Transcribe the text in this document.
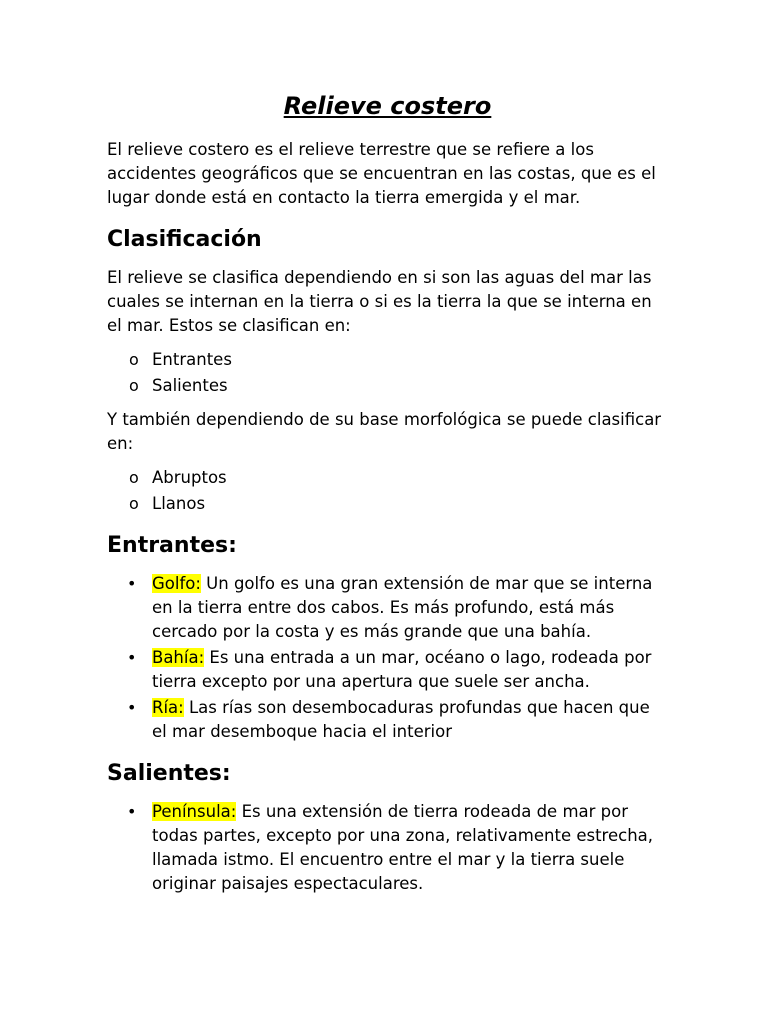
Relieve costero

El relieve costero es el relieve terrestre que se refiere a los accidentes geográficos que se encuentran en las costas, que es el lugar donde está en contacto la tierra emergida y el mar.

Clasificación

El relieve se clasifica dependiendo en si son las aguas del mar las cuales se internan en la tierra o si es la tierra la que se interna en el mar. Estos se clasifican en:

o Entrantes
o Salientes

Y también dependiendo de su base morfológica se puede clasificar en:

o Abruptos
o Llanos
Entrantes:
• Golfo: Un golfo es una gran extensión de mar que se interna en la tierra entre dos cabos. Es más profundo, está más cercado por la costa y es más grande que una bahía.
• Bahía: Es una entrada a un mar, océano o lago, rodeada por tierra excepto por una apertura que suele ser ancha.
• Ría: Las rías son desembocaduras profundas que hacen que el mar desemboque hacia el interior
Salientes:
• Península: Es una extensión de tierra rodeada de mar por todas partes, excepto por una zona, relativamente estrecha, llamada istmo. El encuentro entre el mar y la tierra suele originar paisajes espectaculares.
